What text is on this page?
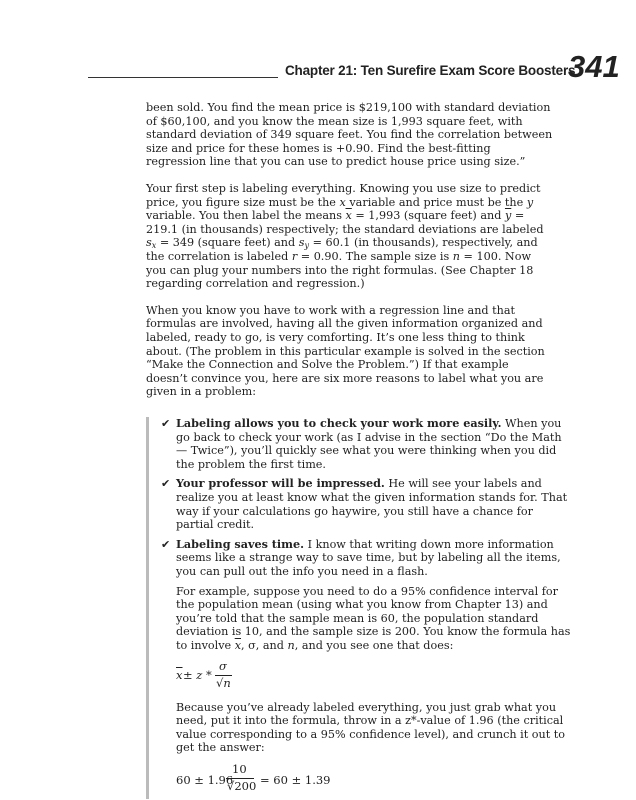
Chapter 21: Ten Surefire Exam Score Boosters
341

been sold. You find the mean price is $219,100 with standard deviation of $60,100, and you know the mean size is 1,993 square feet, with standard deviation of 349 square feet. You find the correlation between size and price for these homes is +0.90. Find the best-fitting regression line that you can use to predict house price using size.”

Your first step is labeling everything. Knowing you use size to predict price, you figure size must be the x variable and price must be the y variable. You then label the means $\overline{x} = 1,993$ (square feet) and $\overline{y} = 219.1$ (in thousands) respectively; the standard deviations are labeled $s_x = 349$ (square feet) and $s_y = 60.1$ (in thousands), respectively, and the correlation is labeled r = 0.90. The sample size is n = 100. Now you can plug your numbers into the right formulas. (See Chapter 18 regarding correlation and regression.)

When you know you have to work with a regression line and that formulas are involved, having all the given information organized and labeled, ready to go, is very comforting. It’s one less thing to think about. (The problem in this particular example is solved in the section “Make the Connection and Solve the Problem.”) If that example doesn’t convince you, here are six more reasons to label what you are given in a problem:

✔ Labeling allows you to check your work more easily. When you go back to check your work (as I advise in the section “Do the Math — Twice”), you’ll quickly see what you were thinking when you did the problem the first time.
✔ Your professor will be impressed. He will see your labels and realize you at least know what the given information stands for. That way if your calculations go haywire, you still have a chance for partial credit.
✔ Labeling saves time. I know that writing down more information seems like a strange way to save time, but by labeling all the items, you can pull out the info you need in a flash.
For example, suppose you need to do a 95% confidence interval for the population mean (using what you know from Chapter 13) and you’re told that the sample mean is 60, the population standard deviation is 10, and the sample size is 200. You know the formula has to involve $\overline{x}$, σ, and n, and you see one that does:
$\overline{x} \pm z$ *
σ
√n
Because you’ve already labeled everything, you just grab what you need, put it into the formula, throw in a z*-value of 1.96 (the critical value corresponding to a 95% confidence level), and crunch it out to get the answer:
60 ± 1.96
10
√200 = 60 ± 1.39
